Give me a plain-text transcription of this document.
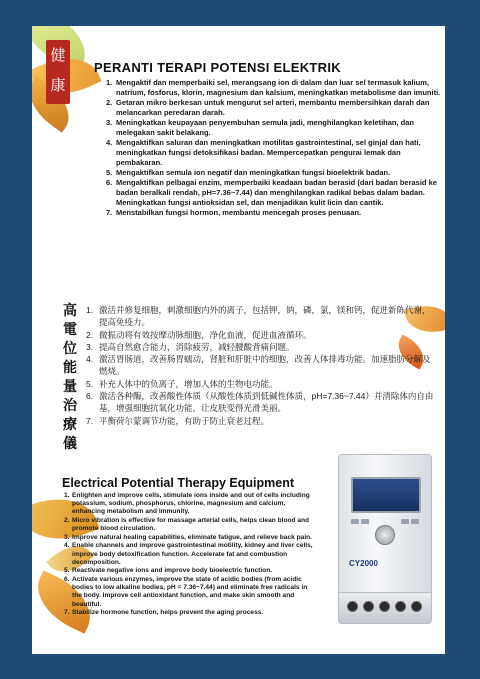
健
康
PERANTI TERAPI POTENSI ELEKTRIK
1. Mengaktif dan memperbaiki sel, merangsang ion di dalam dan luar sel termasuk kalium, natrium, fosforus, klorin, magnesium dan kalsium, meningkatkan metabolisme dan imuniti.
2. Getaran mikro berkesan untuk mengurut sel arteri, membantu membersihkan darah dan melancarkan peredaran darah.
3. Meningkatkan keupayaan penyembuhan semula jadi, menghilangkan keletihan, dan melegakan sakit belakang.
4. Mengaktifkan saluran dan meningkatkan motilitas gastrointestinal, sel ginjal dan hati, meningkatkan fungsi detoksifikasi badan. Mempercepatkan pengurai lemak dan pembakaran.
5. Mengaktifkan semula ion negatif dan meningkatkan fungsi bioelektrik badan.
6. Mengaktifkan pelbagai enzim, memperbaiki keadaan badan berasid (dari badan berasid ke badan beralkali rendah, pH=7.36~7.44) dan menghilangkan radikal bebas dalam badan. Meningkatkan fungsi antioksidan sel, dan menjadikan kulit licin dan cantik.
7. Menstabilkan fungsi hormon, membantu mencegah proses penuaan.
高
電
位
能
量
治
療
儀
1. 激活并修复细胞，刺激细胞内外的离子，包括钾，钠，磷，氯，镁和钙，促进新陈代谢，提高免疫力。
2. 微振动将有效按摩动脉细胞，净化血液，促进血液循环。
3. 提高自然愈合能力，消除疲劳，减轻腰酸背痛问题。
4. 激活胃肠道，改善肠胃蠕动，肾脏和肝脏中的细胞，改善人体排毒功能。加速脂肪分解及燃烧。
5. 补充人体中的负离子，增加人体的生物电功能。
6. 激活各种酶，改善酸性体质（从酸性体质到低碱性体质，pH=7.36~7.44）并清除体内自由基，增强细胞抗氧化功能，让皮肤变得光滑美丽。
7. 平衡荷尔蒙调节功能，有助于防止衰老过程。
Electrical Potential Therapy Equipment
1. Enlighten and improve cells, stimulate ions inside and out of cells including potassium, sodium, phosphorus, chlorine, magnesium and calcium, enhancing metabolism and immunity.
2. Micro vibration is effective for massage arterial cells, helps clean blood and promote blood circulation.
3. Improve natural healing capabilities, eliminate fatigue, and relieve back pain.
4. Enable channels and improve gastrointestinal motility, kidney and liver cells, improve body detoxification function. Accelerate fat and combustion decomposition.
5. Reactivate negative ions and improve body bioelectric function.
6. Activate various enzymes, improve the state of acidic bodies (from acidic bodies to low alkaline bodies, pH = 7.36~7.44) and eliminate free radicals in the body. Improve cell antioxidant function, and make skin smooth and beautiful.
7. Stabilize hormone function, helps prevent the aging process.
CY2000
